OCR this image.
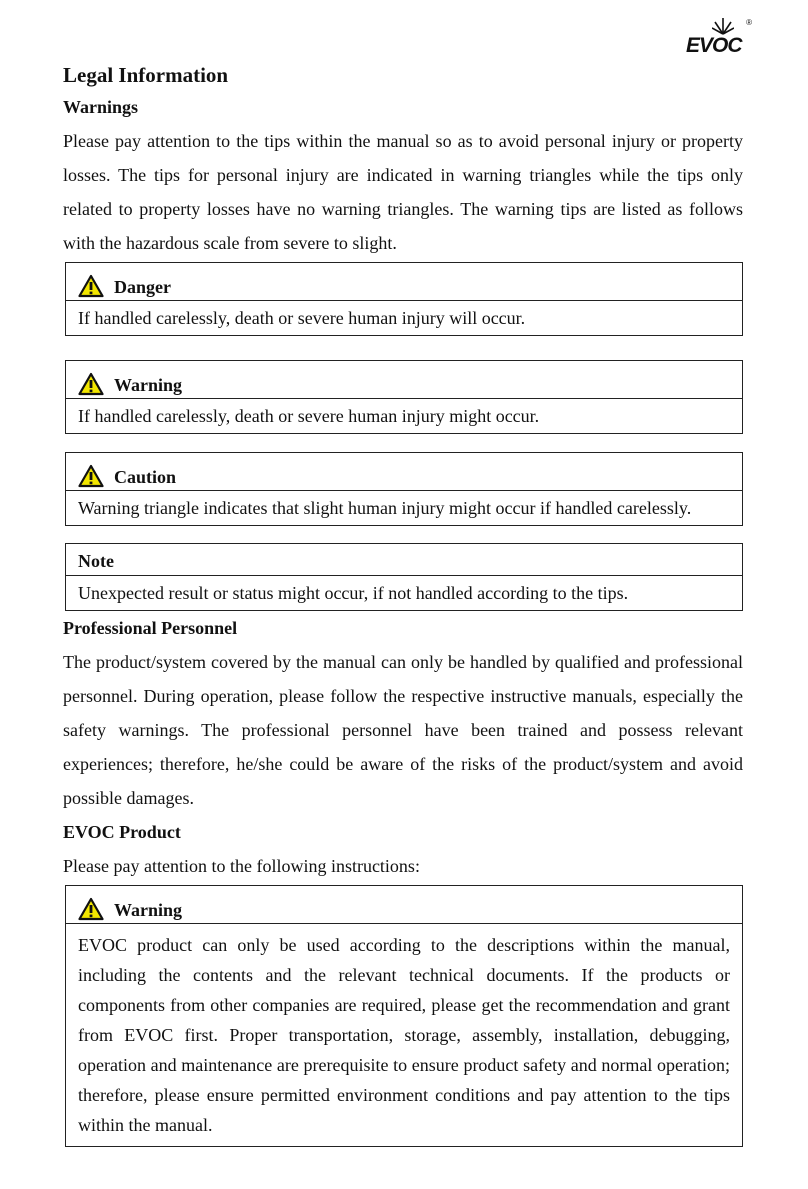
EVOC
®
Legal Information
Warnings

Please pay attention to the tips within the manual so as to avoid personal injury or property losses. The tips for personal injury are indicated in warning triangles while the tips only related to property losses have no warning triangles. The warning tips are listed as follows with the hazardous scale from severe to slight.

Danger
If handled carelessly, death or severe human injury will occur.
Warning
If handled carelessly, death or severe human injury might occur.
Caution
Warning triangle indicates that slight human injury might occur if handled carelessly.
Note
Unexpected result or status might occur, if not handled according to the tips.
Professional Personnel

The product/system covered by the manual can only be handled by qualified and professional personnel. During operation, please follow the respective instructive manuals, especially the safety warnings. The professional personnel have been trained and possess relevant experiences; therefore, he/she could be aware of the risks of the product/system and avoid possible damages.

EVOC Product

Please pay attention to the following instructions:

Warning
EVOC product can only be used according to the descriptions within the manual, including the contents and the relevant technical documents. If the products or components from other companies are required, please get the recommendation and grant from EVOC first. Proper transportation, storage, assembly, installation, debugging, operation and maintenance are prerequisite to ensure product safety and normal operation; therefore, please ensure permitted environment conditions and pay attention to the tips within the manual.
